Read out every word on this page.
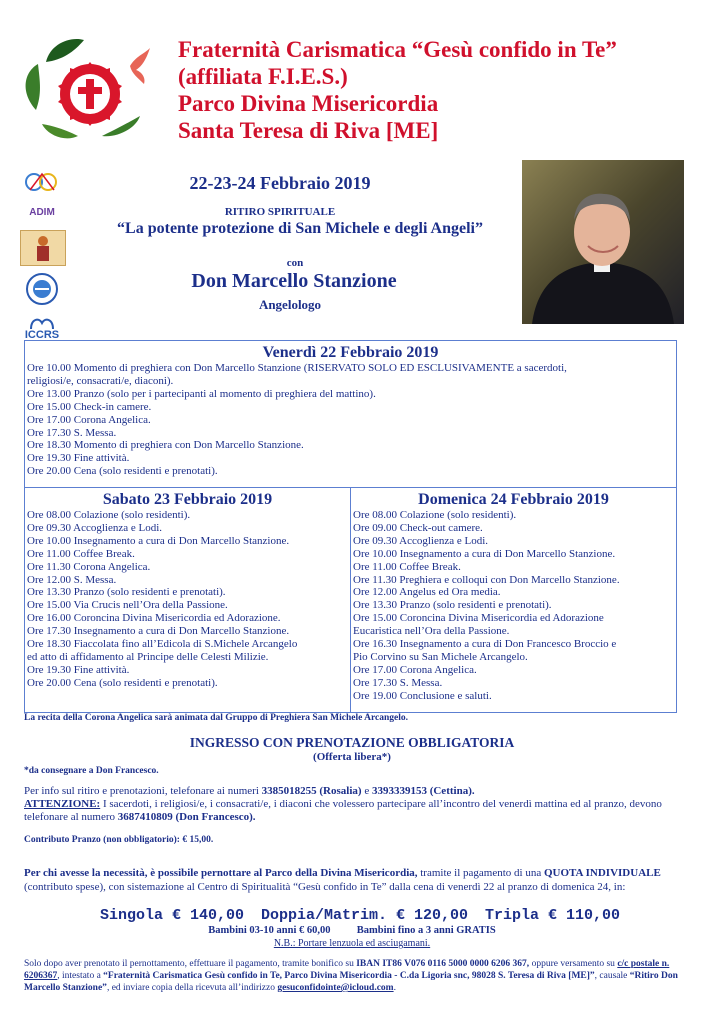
Fraternità Carismatica “Gesù confido in Te”
(affiliata F.I.E.S.)
Parco Divina Misericordia
Santa Teresa di Riva [ME]
ADIM
ICCRS
22-23-24 Febbraio 2019
RITIRO SPIRITUALE
“La potente protezione di San Michele e degli Angeli”
con
Don Marcello Stanzione
Angelologo
Venerdì 22 Febbraio 2019
Ore 10.00 Momento di preghiera con Don Marcello Stanzione (RISERVATO SOLO ED ESCLUSIVAMENTE a sacerdoti,
religiosi/e, consacrati/e, diaconi).
Ore 13.00 Pranzo (solo per i partecipanti al momento di preghiera del mattino).
Ore 15.00 Check-in camere.
Ore 17.00 Corona Angelica.
Ore 17.30 S. Messa.
Ore 18.30 Momento di preghiera con Don Marcello Stanzione.
Ore 19.30 Fine attività.
Ore 20.00 Cena (solo residenti e prenotati).
Sabato 23 Febbraio 2019
Ore 08.00 Colazione (solo residenti).
Ore 09.30 Accoglienza e Lodi.
Ore 10.00 Insegnamento a cura di Don Marcello Stanzione.
Ore 11.00 Coffee Break.
Ore 11.30 Corona Angelica.
Ore 12.00 S. Messa.
Ore 13.30 Pranzo (solo residenti e prenotati).
Ore 15.00 Via Crucis nell’Ora della Passione.
Ore 16.00 Coroncina Divina Misericordia ed Adorazione.
Ore 17.30 Insegnamento a cura di Don Marcello Stanzione.
Ore 18.30 Fiaccolata fino all’Edicola di S.Michele Arcangelo
ed atto di affidamento al Principe delle Celesti Milizie.
Ore 19.30 Fine attività.
Ore 20.00 Cena (solo residenti e prenotati).
Domenica 24 Febbraio 2019
Ore 08.00 Colazione (solo residenti).
Ore 09.00 Check-out camere.
Ore 09.30 Accoglienza e Lodi.
Ore 10.00 Insegnamento a cura di Don Marcello Stanzione.
Ore 11.00 Coffee Break.
Ore 11.30 Preghiera e colloqui con Don Marcello Stanzione.
Ore 12.00 Angelus ed Ora media.
Ore 13.30 Pranzo (solo residenti e prenotati).
Ore 15.00 Coroncina Divina Misericordia ed Adorazione
Eucaristica nell’Ora della Passione.
Ore 16.30 Insegnamento a cura di Don Francesco Broccio e
Pio Corvino su San Michele Arcangelo.
Ore 17.00 Corona Angelica.
Ore 17.30 S. Messa.
Ore 19.00 Conclusione e saluti.
La recita della Corona Angelica sarà animata dal Gruppo di Preghiera San Michele Arcangelo.
INGRESSO CON PRENOTAZIONE OBBLIGATORIA
(Offerta libera*)
*da consegnare a Don Francesco.
Per info sul ritiro e prenotazioni, telefonare ai numeri 3385018255 (Rosalia) e 3393339153 (Cettina).
ATTENZIONE: I sacerdoti, i religiosi/e, i consacrati/e, i diaconi che volessero partecipare all’incontro del venerdì mattina ed al pranzo, devono telefonare al numero 3687410809 (Don Francesco).
Contributo Pranzo (non obbligatorio): € 15,00.
Per chi avesse la necessità, è possibile pernottare al Parco della Divina Misericordia, tramite il pagamento di una QUOTA INDIVIDUALE (contributo spese), con sistemazione al Centro di Spiritualità “Gesù confido in Te” dalla cena di venerdì 22 al pranzo di domenica 24, in:
Singola € 140,00 Doppia/Matrim. € 120,00 Tripla € 110,00
Bambini 03-10 anni € 60,00          Bambini fino a 3 anni GRATIS
N.B.: Portare lenzuola ed asciugamani.
Solo dopo aver prenotato il pernottamento, effettuare il pagamento, tramite bonifico su IBAN IT86 V076 0116 5000 0000 6206 367, oppure versamento su c/c postale n. 6206367, intestato a “Fraternità Carismatica Gesù confido in Te, Parco Divina Misericordia - C.da Ligoria snc, 98028 S. Teresa di Riva [ME]”, causale “Ritiro Don Marcello Stanzione”, ed inviare copia della ricevuta all’indirizzo gesuconfidointe@icloud.com.
